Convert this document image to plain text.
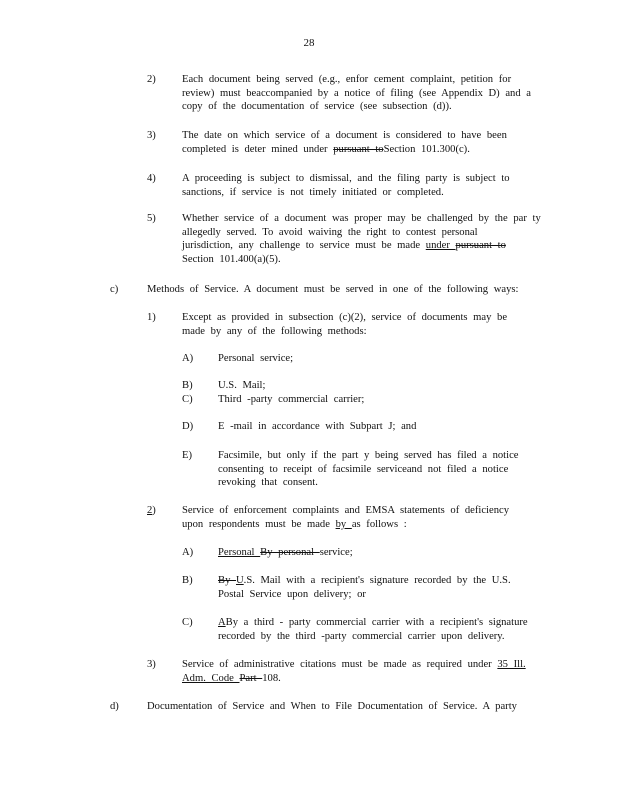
28
2) Each document being served (e.g., enfor cement complaint, petition for
review) must beaccompanied by a notice of filing (see Appendix D) and a
copy of the documentation of service (see subsection (d)).
3) The date on which service of a document is considered to have been
completed is deter mined under pursuant toSection 101.300(c).
4) A proceeding is subject to dismissal, and the filing party is subject to
sanctions, if service is not timely initiated or completed.
5) Whether service of a document was proper may be challenged by the par ty
allegedly served. To avoid waiving the right to contest personal
jurisdiction, any challenge to service must be made under pursuant to
Section 101.400(a)(5).
c)	Methods of Service. A document must be served in one of the following ways:
1) Except as provided in subsection (c)(2), service of documents may be
made by any of the following methods:
A) Personal service;
B) U.S. Mail;
C) Third -party commercial carrier;
D) E -mail in accordance with Subpart J; and
E) Facsimile, but only if the part y being served has filed a notice
consenting to receipt of facsimile serviceand not filed a notice
revoking that consent.
2) Service of enforcement complaints and EMSA statements of deficiency
upon respondents must be made by as follows :
A) Personal By personal service;
B) By U.S. Mail with a recipient's signature recorded by the U.S.
Postal Service upon delivery; or
C) ABy a third - party commercial carrier with a recipient's signature
recorded by the third -party commercial carrier upon delivery.
3) Service of administrative citations must be made as required under 35 Ill.
Adm. Code Part 108.
d)	Documentation of Service and When to File Documentation of Service. A party
